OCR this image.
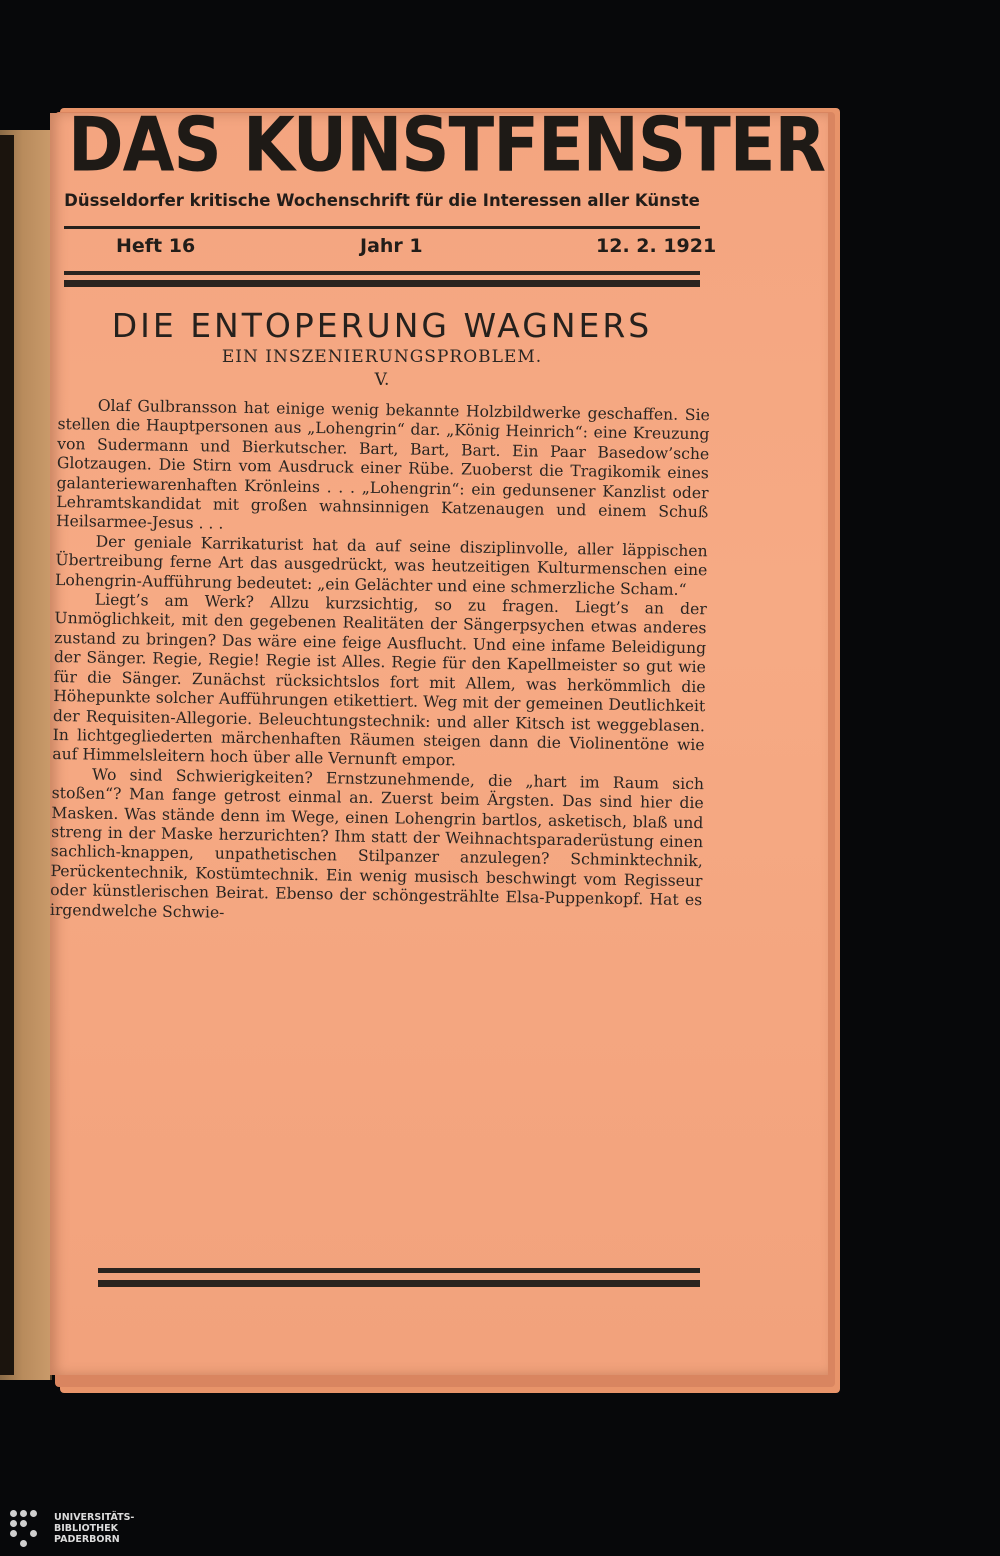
DAS KUNSTFENSTER
Düsseldorfer kritische Wochenschrift für die Interessen aller Künste
Heft 16	Jahr 1	12. 2. 1921
DIE ENTOPERUNG WAGNERS
EIN INSZENIERUNGSPROBLEM.
V.

Olaf Gulbransson hat einige wenig bekannte Holzbildwerke geschaffen. Sie stellen die Hauptpersonen aus „Lohengrin“ dar. „König Heinrich“: eine Kreuzung von Sudermann und Bierkutscher. Bart, Bart, Bart. Ein Paar Basedow’sche Glotzaugen. Die Stirn vom Ausdruck einer Rübe. Zuoberst die Tragikomik eines galanteriewarenhaften Krönleins . . . „Lohengrin“: ein gedunsener Kanzlist oder Lehramtskandidat mit großen wahnsinnigen Katzenaugen und einem Schuß Heilsarmee-Jesus . . .

Der geniale Karrikaturist hat da auf seine disziplinvolle, aller läppischen Übertreibung ferne Art das ausgedrückt, was heutzeitigen Kulturmenschen eine Lohengrin-Aufführung bedeutet: „ein Gelächter und eine schmerzliche Scham.“

Liegt’s am Werk? Allzu kurzsichtig, so zu fragen. Liegt’s an der Unmöglichkeit, mit den gegebenen Realitäten der Sängerpsychen etwas anderes zustand zu bringen? Das wäre eine feige Ausflucht. Und eine infame Beleidigung der Sänger. Regie, Regie! Regie ist Alles. Regie für den Kapellmeister so gut wie für die Sänger. Zunächst rücksichtslos fort mit Allem, was herkömmlich die Höhepunkte solcher Aufführungen etikettiert. Weg mit der gemeinen Deutlichkeit der Requisiten-Allegorie. Beleuchtungstechnik: und aller Kitsch ist weggeblasen. In lichtgegliederten märchenhaften Räumen steigen dann die Violinentöne wie auf Himmelsleitern hoch über alle Vernunft empor.

Wo sind Schwierigkeiten? Ernstzunehmende, die „hart im Raum sich stoßen“? Man fange getrost einmal an. Zuerst beim Ärgsten. Das sind hier die Masken. Was stände denn im Wege, einen Lohengrin bartlos, asketisch, blaß und streng in der Maske herzurichten? Ihm statt der Weihnachtsparaderüstung einen sachlich-knappen, unpathetischen Stilpanzer anzulegen? Schminktechnik, Perückentechnik, Kostümtechnik. Ein wenig musisch beschwingt vom Regisseur oder künstlerischen Beirat. Ebenso der schöngestrählte Elsa-Puppenkopf. Hat es irgendwelche Schwie-

UNIVERSITÄTS-
BIBLIOTHEK
PADERBORN
